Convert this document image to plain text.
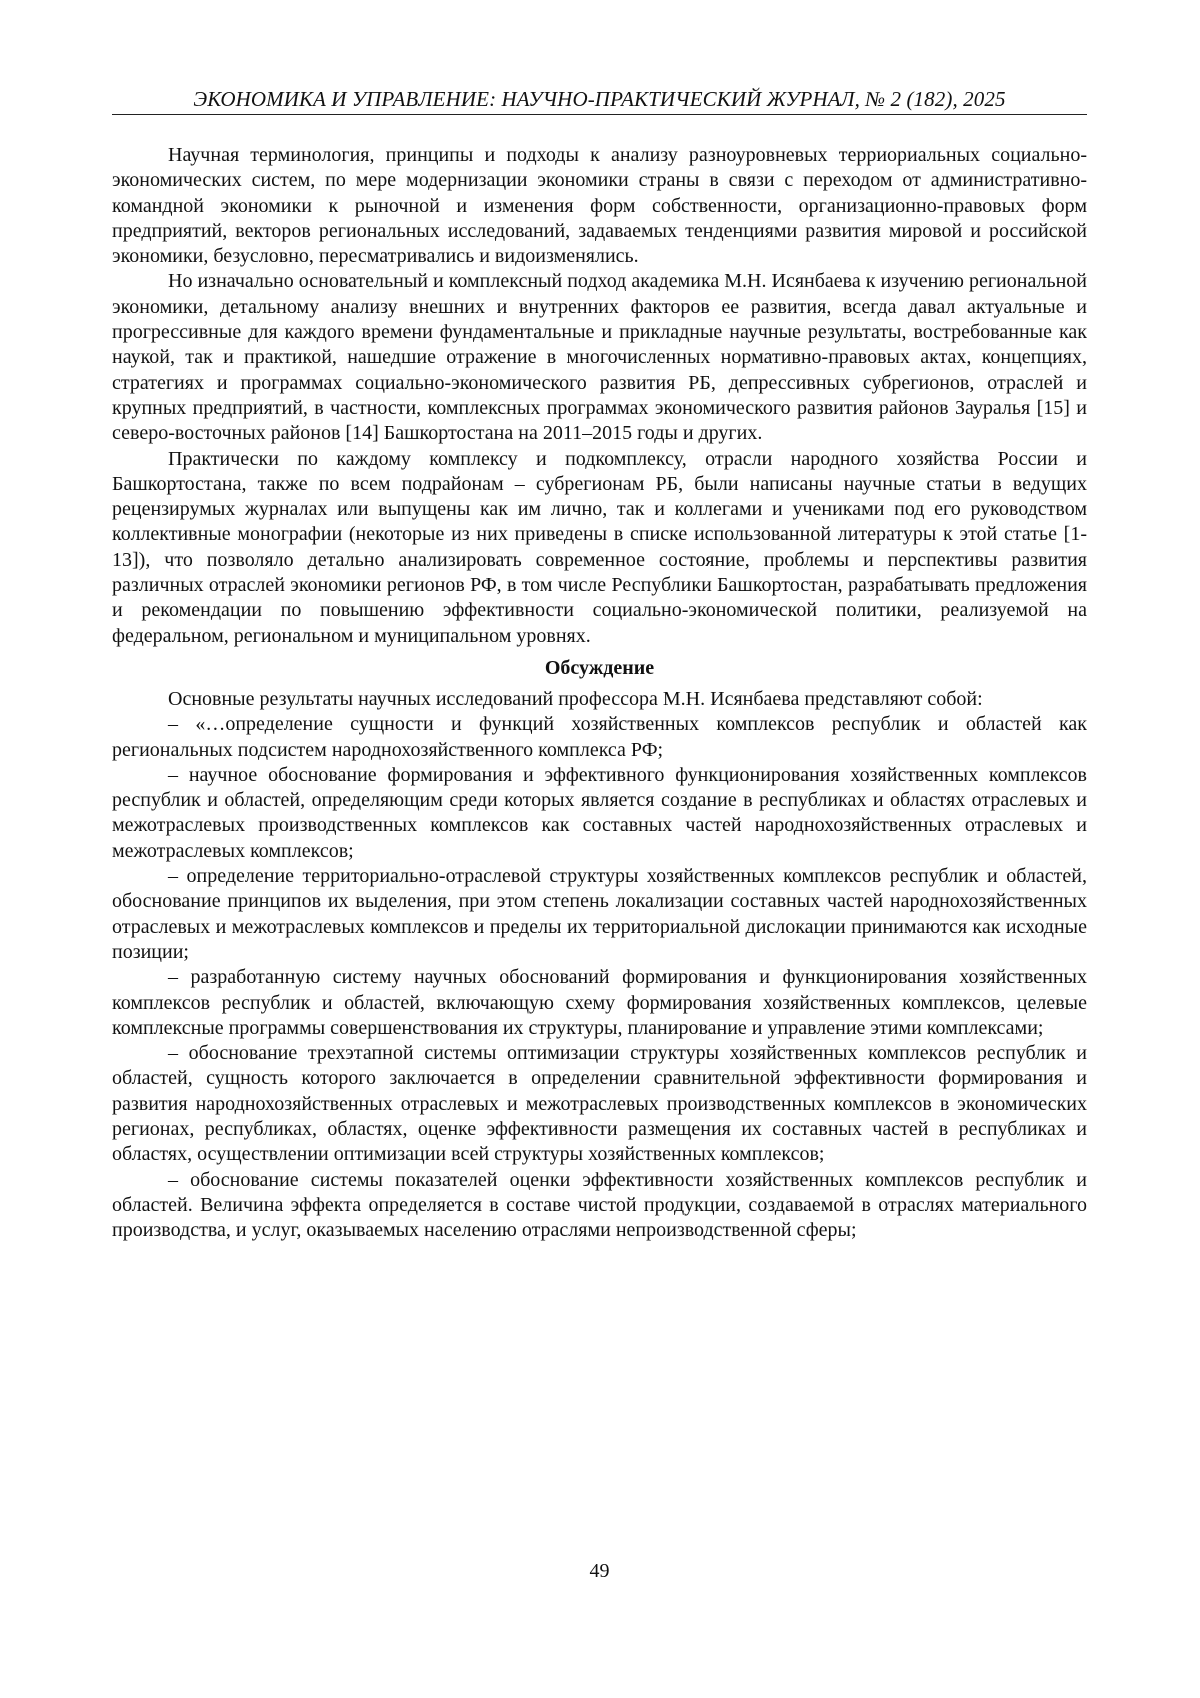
ЭКОНОМИКА И УПРАВЛЕНИЕ: НАУЧНО-ПРАКТИЧЕСКИЙ ЖУРНАЛ, № 2 (182), 2025

Научная терминология, принципы и подходы к анализу разноуровневых терриориальных социально-экономических систем, по мере модернизации экономики страны в связи с переходом от административно-командной экономики к рыночной и изменения форм собственности, организационно-правовых форм предприятий, векторов региональных исследований, задаваемых тенденциями развития мировой и российской экономики, безусловно, пересматривались и видоизменялись.

Но изначально основательный и комплексный подход академика М.Н. Исянбаева к изучению региональной экономики, детальному анализу внешних и внутренних факторов ее развития, всегда давал актуальные и прогрессивные для каждого времени фундаментальные и прикладные научные результаты, востребованные как наукой, так и практикой, нашедшие отражение в многочисленных нормативно-правовых актах, концепциях, стратегиях и программах социально-экономического развития РБ, депрессивных субрегионов, отраслей и крупных предприятий, в частности, комплексных программах экономического развития райо­нов Зауралья [15] и северо-восточных районов [14] Башкортостана на 2011–2015 годы и других.

Практически по каждому комплексу и подкомплексу, отрасли народного хозяйства России и Башкортостана, также по всем подрайонам – субрегионам РБ, были написаны научные статьи в ведущих рецензирумых журналах или выпущены как им лично, так и коллегами и учениками под его руководством коллективные монографии (некоторые из них приведены в списке ис­пользованной литературы к этой статье [1-13]), что позволяло детально анализировать совре­менное состояние, проблемы и перспективы развития различных отраслей экономики регионов РФ, в том числе Республики Башкортостан, разрабатывать предложения и рекомендации по по­вышению эффективности социально-экономической политики, реализуемой на федеральном, региональном и муниципальном уровнях.

Обсуждение

Основные результаты научных исследований профессора М.Н. Исянбаева представляют собой:

– «…определение сущности и функций хозяйственных комплексов республик и областей как региональных подсистем народнохозяйственного комплекса РФ;

– научное обоснование формирования и эффективного функционирования хозяйственных комплексов республик и областей, определяющим среди которых является создание в респуб­ликах и областях отраслевых и межотраслевых производственных комплексов как составных частей народнохозяйственных отраслевых и межотраслевых комплексов;

– определение территориально-отраслевой структуры хозяйственных комплексов респуб­лик и областей, обоснование принципов их выделения, при этом степень локализации состав­ных частей народнохозяйственных отраслевых и межотраслевых комплексов и пределы их тер­риториальной дислокации принимаются как исходные позиции;

– разработанную систему научных обоснований формирования и функционирования хо­зяйственных комплексов республик и областей, включающую схему формирования хозяй­ственных комплексов, целевые комплексные программы совершенствования их структуры, планирование и управление этими комплексами;

– обоснование трехэтапной системы оптимизации структуры хозяйственных комплексов республик и областей, сущность которого заключается в определении сравнительной эффек­тивности формирования и развития народнохозяйственных отраслевых и межотраслевых про­изводственных комплексов в экономических регионах, республиках, областях, оценке эффек­тивности размещения их составных частей в республиках и областях, осуществлении оптими­зации всей структуры хозяйственных комплексов;

– обоснование системы показателей оценки эффективности хозяйственных комплексов республик и областей. Величина эффекта определяется в составе чистой продукции, создавае­мой в отраслях материального производства, и услуг, оказываемых населению отраслями не­производственной сферы;

49
